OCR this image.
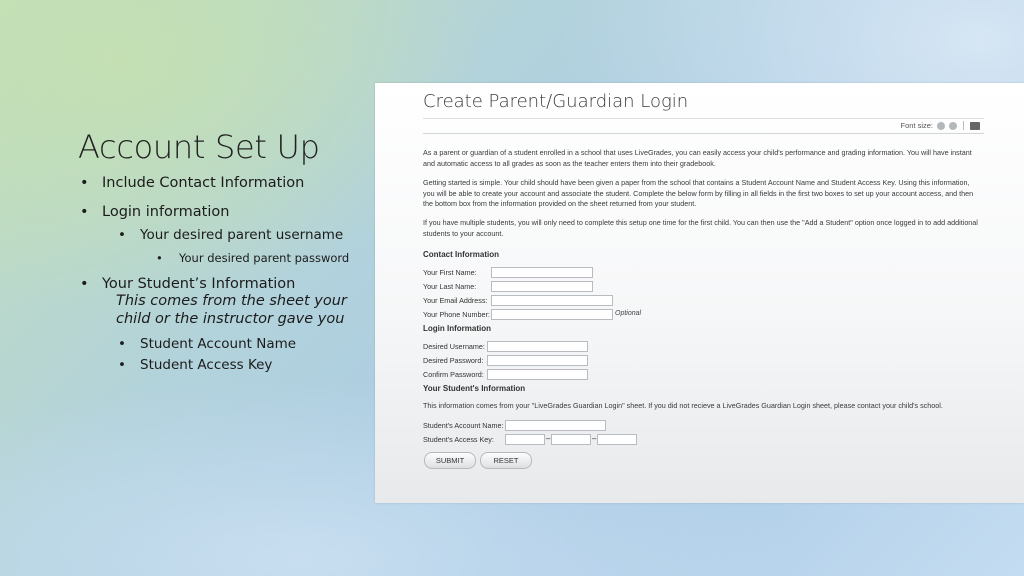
Account Set Up
• Include Contact Information
• Login information
• Your desired parent username
• Your desired parent password
• Your Student’s Information
This comes from the sheet your child or the instructor gave you
• Student Account Name
• Student Access Key
Create Parent/Guardian Login
Font size:

As a parent or guardian of a student enrolled in a school that uses LiveGrades, you can easily access your child's performance and grading information. You will have instant and automatic access to all grades as soon as the teacher enters them into their gradebook.

Getting started is simple. Your child should have been given a paper from the school that contains a Student Account Name and Student Access Key. Using this information, you will be able to create your account and associate the student. Complete the below form by filling in all fields in the first two boxes to set up your account access, and then the bottom box from the information provided on the sheet returned from your student.

If you have multiple students, you will only need to complete this setup one time for the first child. You can then use the "Add a Student" option once logged in to add additional students to your account.

Contact Information

Your First Name:
Your Last Name:
Your Email Address:
Your Phone Number:	Optional

Login Information

Desired Username:
Desired Password:
Confirm Password:

Your Student's Information

This information comes from your "LiveGrades Guardian Login" sheet. If you did not recieve a LiveGrades Guardian Login sheet, please contact your child's school.

Student's Account Name:
Student's Access Key:	–	–
SUBMIT	RESET
